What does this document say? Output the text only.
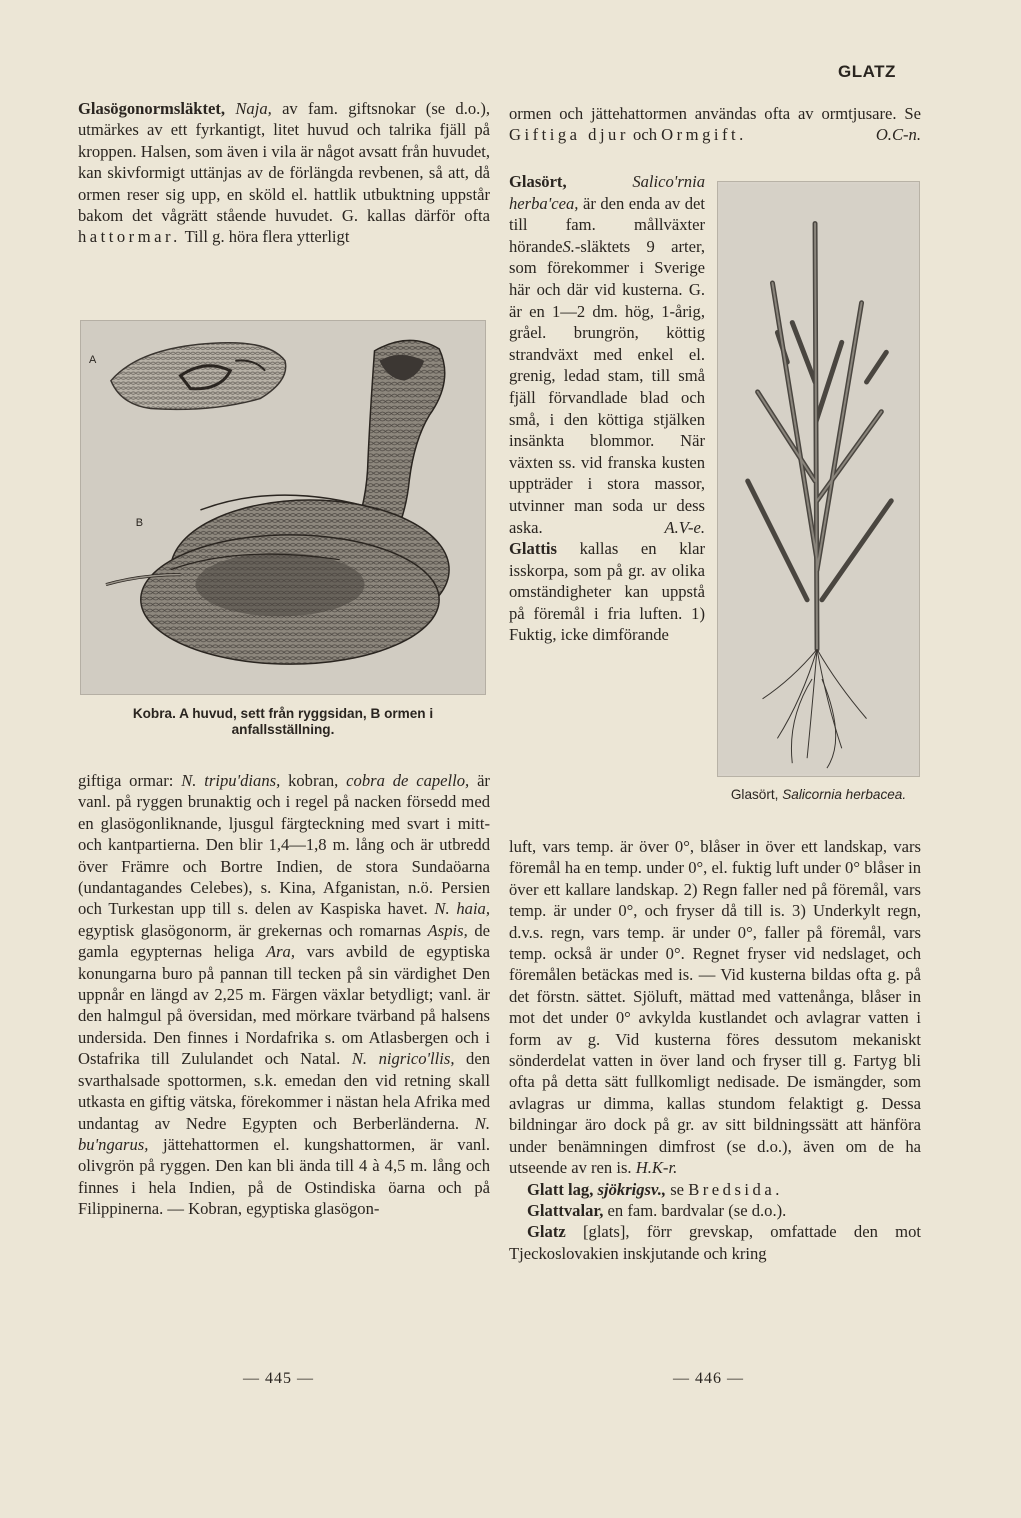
GLATZ

Glasögonormsläktet, Naja, av fam. giftsnokar (se d.o.), utmärkes av ett fyrkantigt, litet huvud och talrika fjäll på kroppen. Halsen, som även i vila är något avsatt från huvudet, kan skivformigt uttänjas av de förlängda revbenen, så att, då ormen reser sig upp, en sköld el. hattlik utbuktning uppstår bakom det vågrätt stående huvudet. G. kallas därför ofta hattormar. Till g. höra flera ytterligt

A
B
Kobra. A huvud, sett från ryggsidan, B ormen i anfallsställning.

giftiga ormar: N. tripu'dians, kobran, cobra de capello, är vanl. på ryggen brunaktig och i regel på nacken försedd med en glasögonliknande, ljusgul färgteckning med svart i mitt- och kantpartierna. Den blir 1,4—1,8 m. lång och är utbredd över Främre och Bortre Indien, de stora Sundaöarna (undantagandes Celebes), s. Kina, Afganistan, n.ö. Persien och Turkestan upp till s. delen av Kaspiska havet. N. haia, egyptisk glasögonorm, är grekernas och romarnas Aspis, de gamla egypternas heliga Ara, vars avbild de egyptiska konungarna buro på pannan till tecken på sin värdighet Den uppnår en längd av 2,25 m. Färgen växlar betydligt; vanl. är den halmgul på översidan, med mörkare tvärband på halsens undersida. Den finnes i Nordafrika s. om Atlasbergen och i Ostafrika till Zululandet och Natal. N. nigrico'llis, den svarthalsade spottormen, s.k. emedan den vid retning skall utkasta en giftig vätska, förekommer i nästan hela Afrika med undantag av Nedre Egypten och Berberländerna. N. bu'ngarus, jättehattormen el. kungshattormen, är vanl. olivgrön på ryggen. Den kan bli ända till 4 à 4,5 m. lång och finnes i hela Indien, på de Ostindiska öarna och på Filippinerna. — Kobran, egyptiska glasögon-

ormen och jättehattormen användas ofta av ormtjusare. Se Giftiga djur och Ormgift.	O.C-n.

Glasört,	Salico'rnia herba'cea, är den enda av det till fam. mållväxter hörandeS.-släktets 9 arter, som förekommer i Sverige här och där vid kusterna. G. är en 1—2 dm. hög, 1-årig, gråel. brungrön, köttig strandväxt med enkel el. grenig, ledad stam, till små fjäll förvandlade blad och små, i den köttiga stjälken insänkta blommor. När växten ss. vid franska kusten uppträder i stora massor, utvinner man soda ur dess aska.	A.V-e.

Glattis kallas en klar isskorpa, som på gr. av olika omständigheter kan uppstå på föremål i fria luften. 1) Fuktig, icke dimförande

Glasört, Salicornia herbacea.

luft, vars temp. är över 0°, blåser in över ett landskap, vars föremål ha en temp. under 0°, el. fuktig luft under 0° blåser in över ett kallare landskap. 2) Regn faller ned på föremål, vars temp. är under 0°, och fryser då till is. 3) Underkylt regn, d.v.s. regn, vars temp. är under 0°, faller på föremål, vars temp. också är under 0°. Regnet fryser vid nedslaget, och föremålen betäckas med is. — Vid kusterna bildas ofta g. på det förstn. sättet. Sjöluft, mättad med vattenånga, blåser in mot det under 0° avkylda kustlandet och avlagrar vatten i form av g. Vid kusterna föres dessutom mekaniskt sönderdelat vatten in över land och fryser till g. Fartyg bli ofta på detta sätt fullkomligt nedisade. De ismängder, som avlagras ur dimma, kallas stundom felaktigt g. Dessa bildningar äro dock på gr. av sitt bildningssätt att hänföra under benämningen dimfrost (se d.o.), även om de ha utseende av ren is. H.K-r.

Glatt lag, sjökrigsv., se Bredsida.

Glattvalar, en fam. bardvalar (se d.o.).

Glatz [glats], förr grevskap, omfattade den mot Tjeckoslovakien inskjutande och kring

— 445 —	— 446 —
